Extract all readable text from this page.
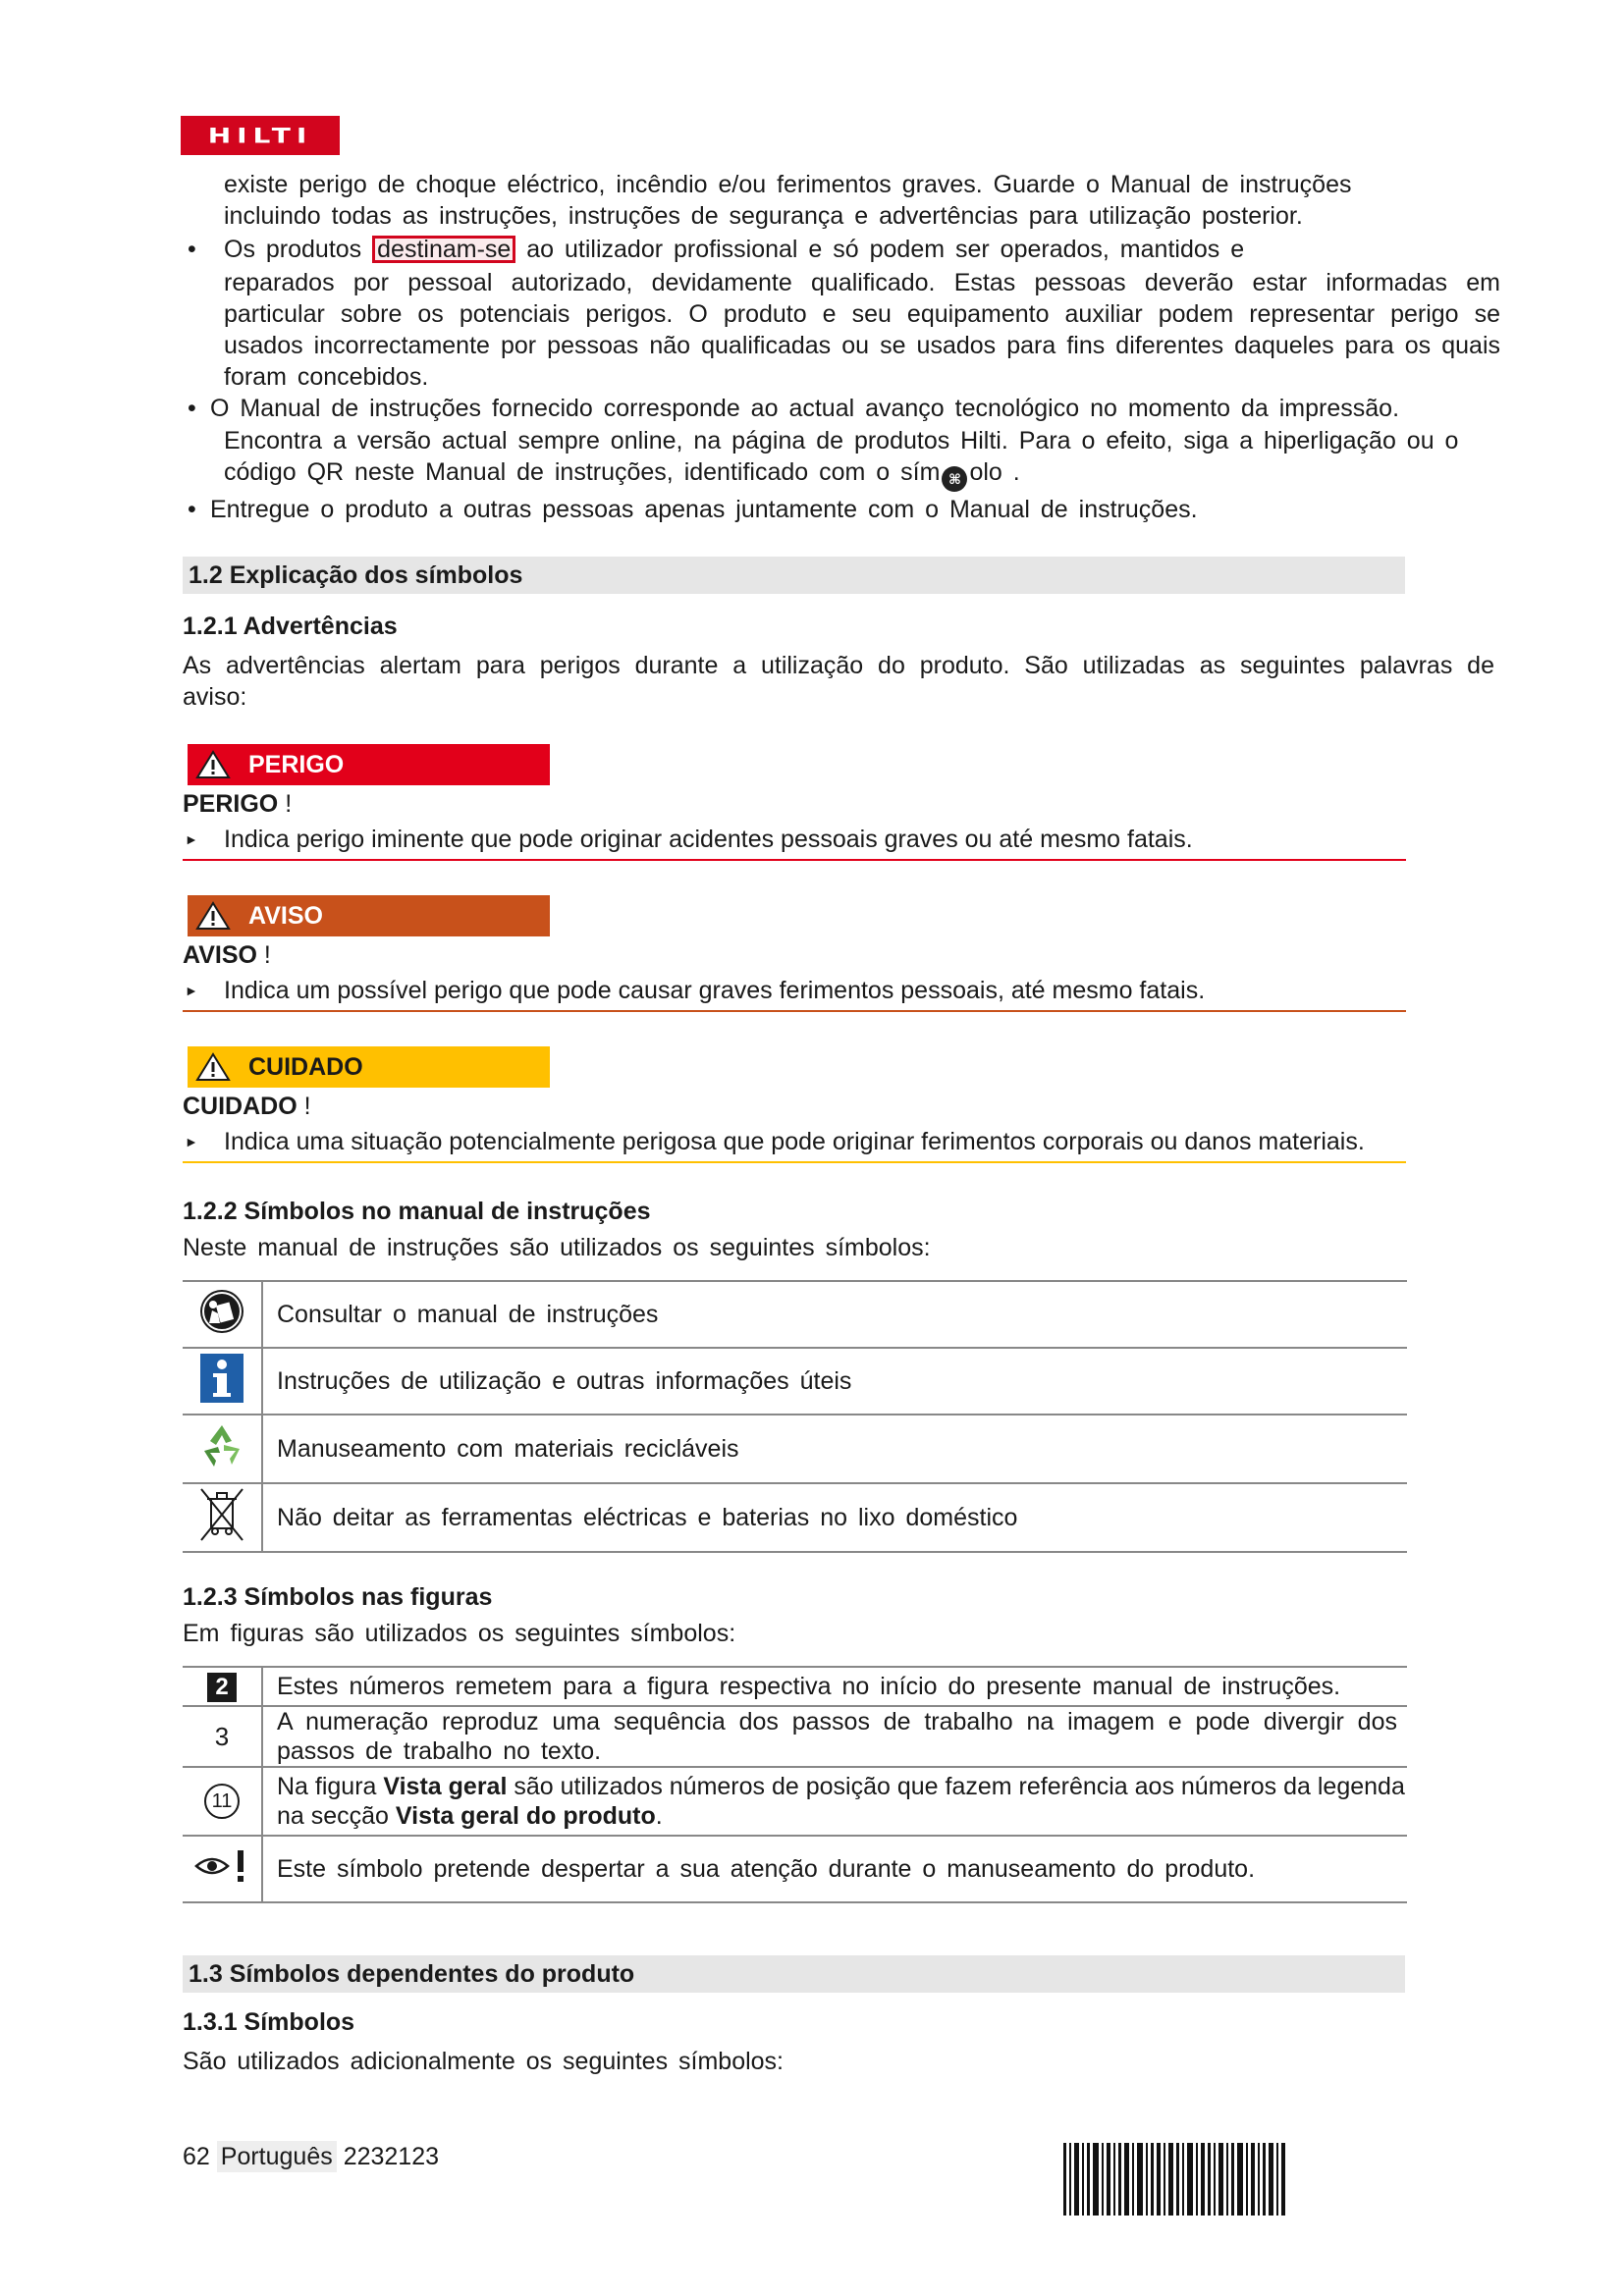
HILTI
existe perigo de choque eléctrico, incêndio e/ou ferimentos graves. Guarde o Manual de instruções
incluindo todas as instruções, instruções de segurança e advertências para utilização posterior.
• Os produtos destinam-se ao utilizador profissional e só podem ser operados, mantidos e
reparados por pessoal autorizado, devidamente qualificado. Estas pessoas deverão estar informadas em particular sobre os potenciais perigos. O produto e seu equipamento auxiliar podem representar perigo se usados incorrectamente por pessoas não qualificadas ou se usados para fins diferentes daqueles para os quais foram concebidos.
• O Manual de instruções fornecido corresponde ao actual avanço tecnológico no momento da impressão.
Encontra a versão actual sempre online, na página de produtos Hilti. Para o efeito, siga a hiperligação ou o código QR neste Manual de instruções, identificado com o sím ⌘ olo .
• Entregue o produto a outras pessoas apenas juntamente com o Manual de instruções.
1.2 Explicação dos símbolos
1.2.1 Advertências
As advertências alertam para perigos durante a utilização do produto. São utilizadas as seguintes palavras de aviso:
PERIGO
PERIGO !
► Indica perigo iminente que pode originar acidentes pessoais graves ou até mesmo fatais.
AVISO
AVISO !
► Indica um possível perigo que pode causar graves ferimentos pessoais, até mesmo fatais.
CUIDADO
CUIDADO !
► Indica uma situação potencialmente perigosa que pode originar ferimentos corporais ou danos materiais.
1.2.2 Símbolos no manual de instruções
Neste manual de instruções são utilizados os seguintes símbolos:
	Consultar o manual de instruções
	Instruções de utilização e outras informações úteis
	Manuseamento com materiais recicláveis
	Não deitar as ferramentas eléctricas e baterias no lixo doméstico
1.2.3 Símbolos nas figuras
Em figuras são utilizados os seguintes símbolos:
2	Estes números remetem para a figura respectiva no início do presente manual de instruções.
3	A numeração reproduz uma sequência dos passos de trabalho na imagem e pode divergir dos passos de trabalho no texto.
11	Na figura Vista geral são utilizados números de posição que fazem referência aos números da legenda na secção Vista geral do produto.
	Este símbolo pretende despertar a sua atenção durante o manuseamento do produto.
1.3 Símbolos dependentes do produto
1.3.1 Símbolos
São utilizados adicionalmente os seguintes símbolos:
62 Português 2232123
